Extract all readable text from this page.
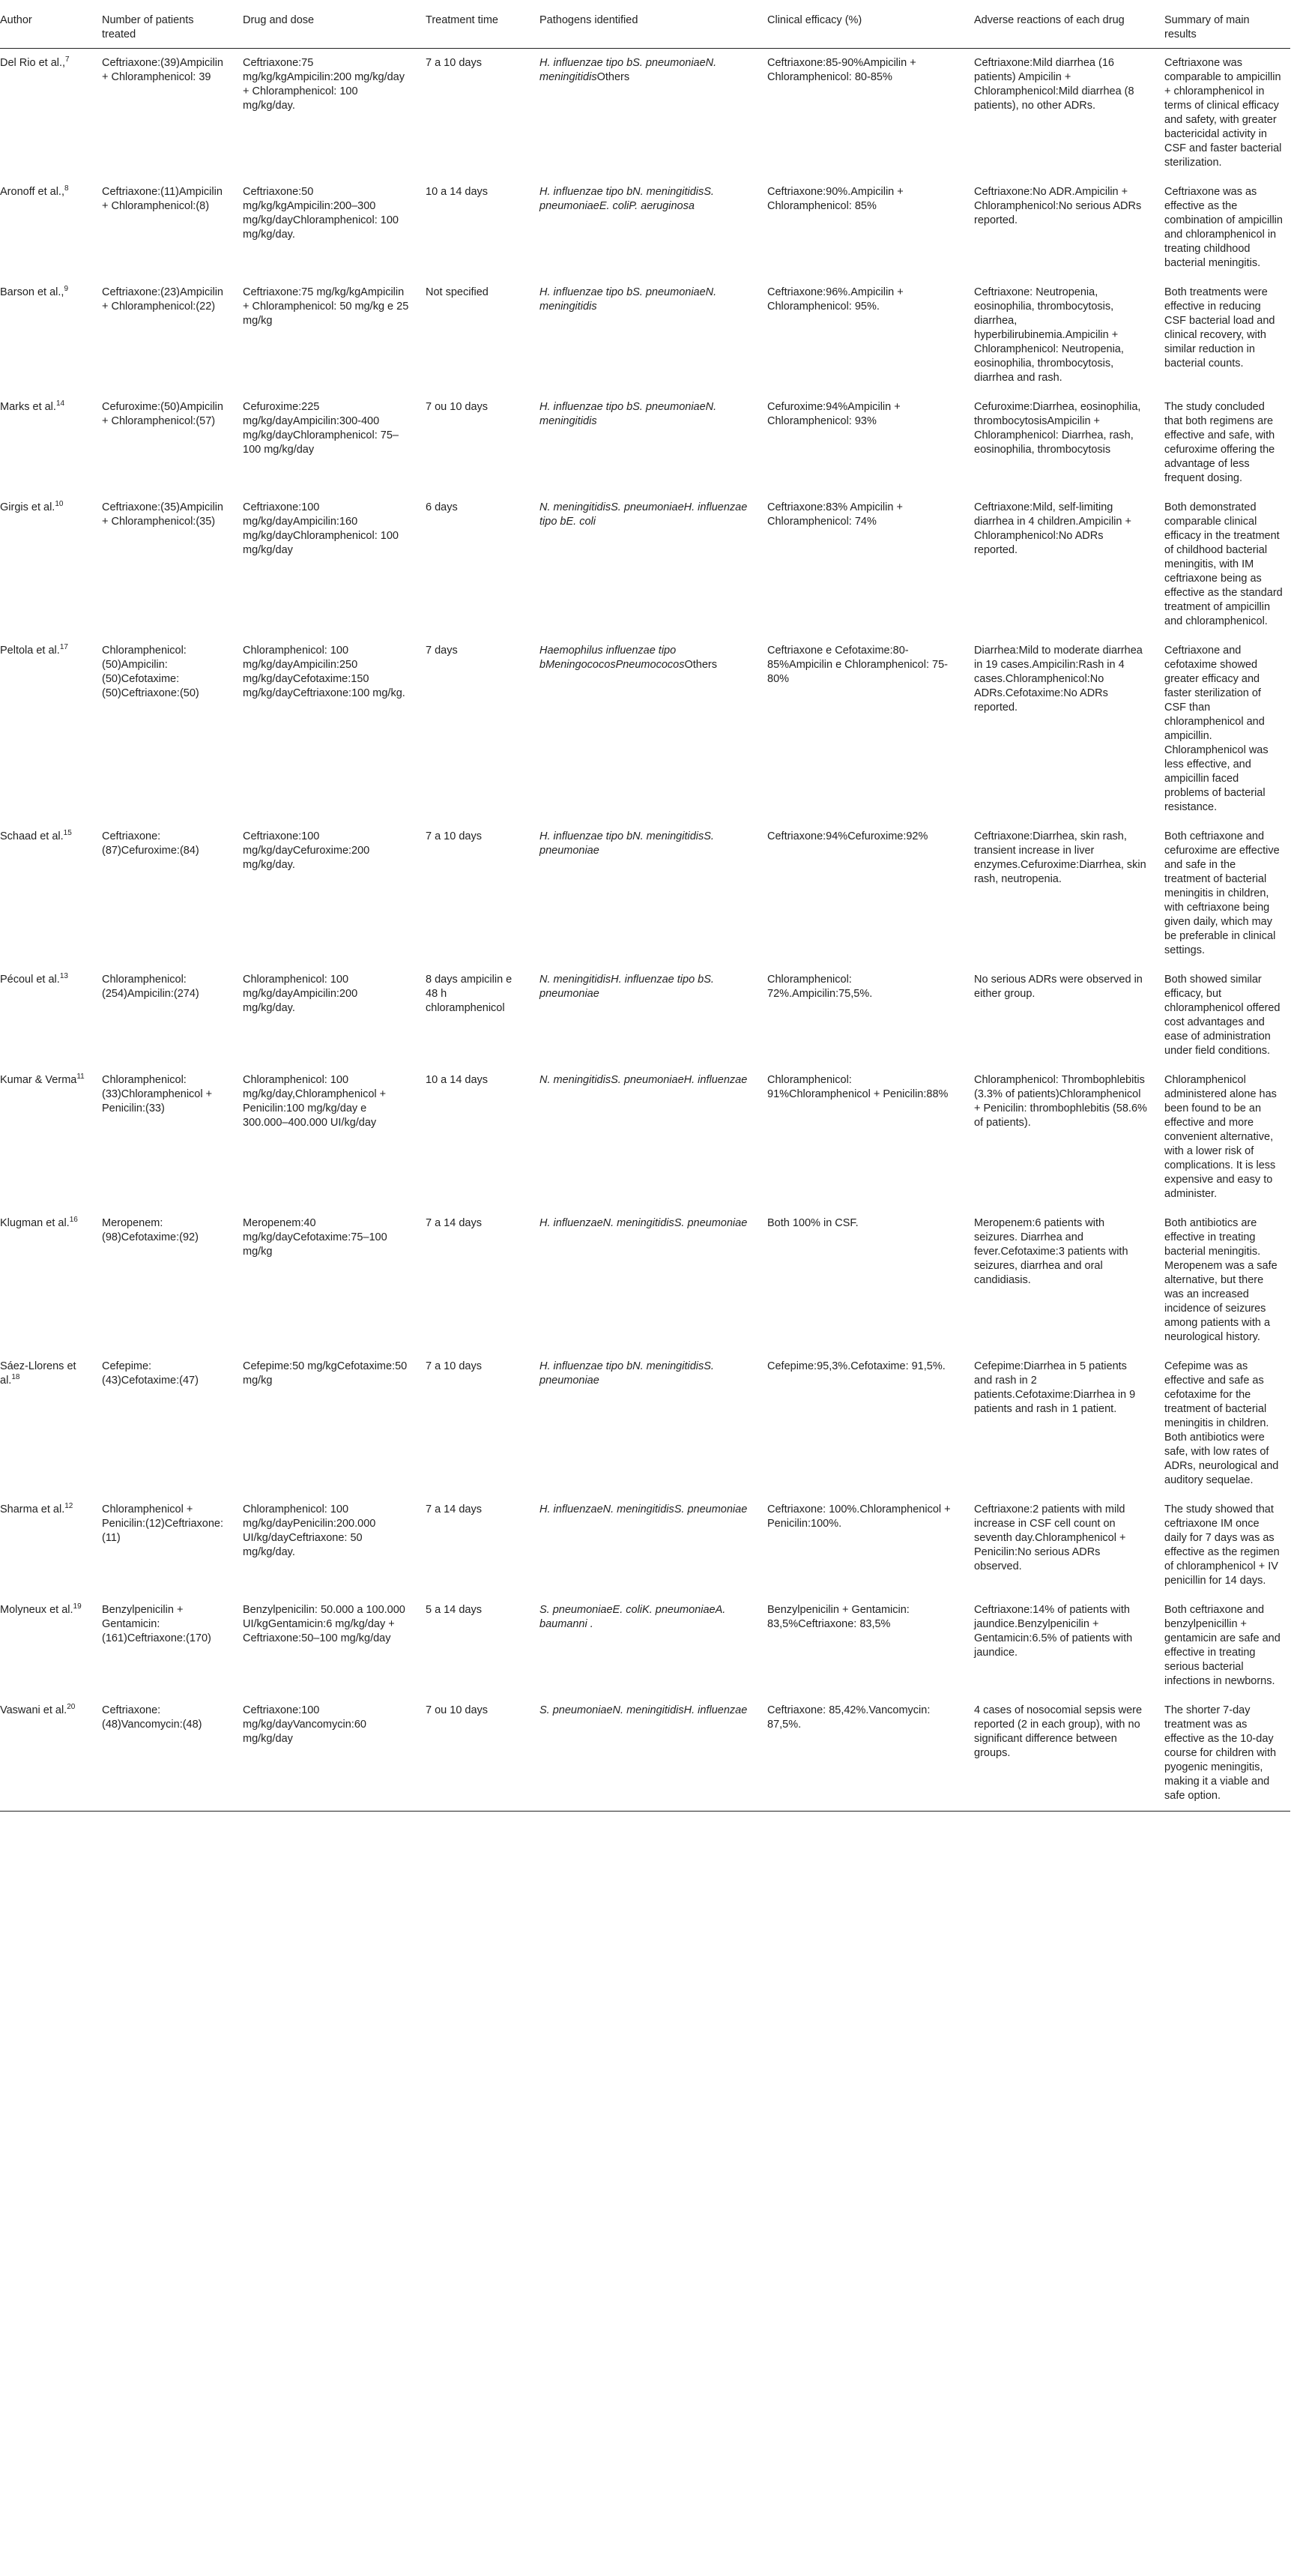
Author	Number of patients treated	Drug and dose	Treatment time	Pathogens identified	Clinical efficacy (%)	Adverse reactions of each drug	Summary of main results
Del Rio et al.,$^7$	Ceftriaxone:(39)Ampicilin + Chloramphenicol: 39	Ceftriaxone:75 mg/kg/kgAmpicilin:200 mg/kg/day + Chloramphenicol: 100 mg/kg/day.	7 a 10 days	H. influenzae tipo bS. pneumoniaeN. meningitidisOthers	Ceftriaxone:85-90%Ampicilin + Chloramphenicol: 80-85%	Ceftriaxone:Mild diarrhea (16 patients) Ampicilin + Chloramphenicol:Mild diarrhea (8 patients), no other ADRs.	Ceftriaxone was comparable to ampicillin + chloramphenicol in terms of clinical efficacy and safety, with greater bactericidal activity in CSF and faster bacterial sterilization.
Aronoff et al.,$^8$	Ceftriaxone:(11)Ampicilin + Chloramphenicol:(8)	Ceftriaxone:50 mg/kg/kgAmpicilin:200–300 mg/kg/dayChloramphenicol: 100 mg/kg/day.	10 a 14 days	H. influenzae tipo bN. meningitidisS. pneumoniaeE. coliP. aeruginosa	Ceftriaxone:90%.Ampicilin + Chloramphenicol: 85%	Ceftriaxone:No ADR.Ampicilin + Chloramphenicol:No serious ADRs reported.	Ceftriaxone was as effective as the combination of ampicillin and chloramphenicol in treating childhood bacterial meningitis.
Barson et al.,$^9$	Ceftriaxone:(23)Ampicilin + Chloramphenicol:(22)	Ceftriaxone:75 mg/kg/kgAmpicilin + Chloramphenicol: 50 mg/kg e 25 mg/kg	Not specified	H. influenzae tipo bS. pneumoniaeN. meningitidis	Ceftriaxone:96%.Ampicilin + Chloramphenicol: 95%.	Ceftriaxone: Neutropenia, eosinophilia, thrombocytosis, diarrhea, hyperbilirubinemia.Ampicilin + Chloramphenicol: Neutropenia, eosinophilia, thrombocytosis, diarrhea and rash.	Both treatments were effective in reducing CSF bacterial load and clinical recovery, with similar reduction in bacterial counts.
Marks et al.$^{14}$	Cefuroxime:(50)Ampicilin + Chloramphenicol:(57)	Cefuroxime:225 mg/kg/dayAmpicilin:300-400 mg/kg/dayChloramphenicol: 75–100 mg/kg/day	7 ou 10 days	H. influenzae tipo bS. pneumoniaeN. meningitidis	Cefuroxime:94%Ampicilin + Chloramphenicol: 93%	Cefuroxime:Diarrhea, eosinophilia, thrombocytosisAmpicilin + Chloramphenicol: Diarrhea, rash, eosinophilia, thrombocytosis	The study concluded that both regimens are effective and safe, with cefuroxime offering the advantage of less frequent dosing.
Girgis et al.$^{10}$	Ceftriaxone:(35)Ampicilin + Chloramphenicol:(35)	Ceftriaxone:100 mg/kg/dayAmpicilin:160 mg/kg/dayChloramphenicol: 100 mg/kg/day	6 days	N. meningitidisS. pneumoniaeH. influenzae tipo bE. coli	Ceftriaxone:83% Ampicilin + Chloramphenicol: 74%	Ceftriaxone:Mild, self-limiting diarrhea in 4 children.Ampicilin + Chloramphenicol:No ADRs reported.	Both demonstrated comparable clinical efficacy in the treatment of childhood bacterial meningitis, with IM ceftriaxone being as effective as the standard treatment of ampicillin and chloramphenicol.
Peltola et al.$^{17}$	Chloramphenicol:(50)Ampicilin:(50)Cefotaxime:(50)Ceftriaxone:(50)	Chloramphenicol: 100 mg/kg/dayAmpicilin:250 mg/kg/dayCefotaxime:150 mg/kg/dayCeftriaxone:100 mg/kg.	7 days	Haemophilus influenzae tipo bMeningococosPneumococosOthers	Ceftriaxone e Cefotaxime:80-85%Ampicilin e Chloramphenicol: 75-80%	Diarrhea:Mild to moderate diarrhea in 19 cases.Ampicilin:Rash in 4 cases.Chloramphenicol:No ADRs.Cefotaxime:No ADRs reported.	Ceftriaxone and cefotaxime showed greater efficacy and faster sterilization of CSF than chloramphenicol and ampicillin. Chloramphenicol was less effective, and ampicillin faced problems of bacterial resistance.
Schaad et al.$^{15}$	Ceftriaxone:(87)Cefuroxime:(84)	Ceftriaxone:100 mg/kg/dayCefuroxime:200 mg/kg/day.	7 a 10 days	H. influenzae tipo bN. meningitidisS. pneumoniae	Ceftriaxone:94%Cefuroxime:92%	Ceftriaxone:Diarrhea, skin rash, transient increase in liver enzymes.Cefuroxime:Diarrhea, skin rash, neutropenia.	Both ceftriaxone and cefuroxime are effective and safe in the treatment of bacterial meningitis in children, with ceftriaxone being given daily, which may be preferable in clinical settings.
Pécoul et al.$^{13}$	Chloramphenicol:(254)Ampicilin:(274)	Chloramphenicol: 100 mg/kg/dayAmpicilin:200 mg/kg/day.	8 days ampicilin e 48 h chloramphenicol	N. meningitidisH. influenzae tipo bS. pneumoniae	Chloramphenicol: 72%.Ampicilin:75,5%.	No serious ADRs were observed in either group.	Both showed similar efficacy, but chloramphenicol offered cost advantages and ease of administration under field conditions.
Kumar & Verma$^{11}$	Chloramphenicol:(33)Chloramphenicol + Penicilin:(33)	Chloramphenicol: 100 mg/kg/day,Chloramphenicol + Penicilin:100 mg/kg/day e 300.000–400.000 UI/kg/day	10 a 14 days	N. meningitidisS. pneumoniaeH. influenzae	Chloramphenicol: 91%Chloramphenicol + Penicilin:88%	Chloramphenicol: Thrombophlebitis (3.3% of patients)Chloramphenicol + Penicilin: thrombophlebitis (58.6% of patients).	Chloramphenicol administered alone has been found to be an effective and more convenient alternative, with a lower risk of complications. It is less expensive and easy to administer.
Klugman et al.$^{16}$	Meropenem:(98)Cefotaxime:(92)	Meropenem:40 mg/kg/dayCefotaxime:75–100 mg/kg	7 a 14 days	H. influenzaeN. meningitidisS. pneumoniae	Both 100% in CSF.	Meropenem:6 patients with seizures. Diarrhea and fever.Cefotaxime:3 patients with seizures, diarrhea and oral candidiasis.	Both antibiotics are effective in treating bacterial meningitis. Meropenem was a safe alternative, but there was an increased incidence of seizures among patients with a neurological history.
Sáez-Llorens et al.$^{18}$	Cefepime:(43)Cefotaxime:(47)	Cefepime:50 mg/kgCefotaxime:50 mg/kg	7 a 10 days	H. influenzae tipo bN. meningitidisS. pneumoniae	Cefepime:95,3%.Cefotaxime: 91,5%.	Cefepime:Diarrhea in 5 patients and rash in 2 patients.Cefotaxime:Diarrhea in 9 patients and rash in 1 patient.	Cefepime was as effective and safe as cefotaxime for the treatment of bacterial meningitis in children. Both antibiotics were safe, with low rates of ADRs, neurological and auditory sequelae.
Sharma et al.$^{12}$	Chloramphenicol + Penicilin:(12)Ceftriaxone:(11)	Chloramphenicol: 100 mg/kg/dayPenicilin:200.000 UI/kg/dayCeftriaxone: 50 mg/kg/day.	7 a 14 days	H. influenzaeN. meningitidisS. pneumoniae	Ceftriaxone: 100%.Chloramphenicol + Penicilin:100%.	Ceftriaxone:2 patients with mild increase in CSF cell count on seventh day.Chloramphenicol + Penicilin:No serious ADRs observed.	The study showed that ceftriaxone IM once daily for 7 days was as effective as the regimen of chloramphenicol + IV penicillin for 14 days.
Molyneux et al.$^{19}$	Benzylpenicilin + Gentamicin:(161)Ceftriaxone:(170)	Benzylpenicilin: 50.000 a 100.000 UI/kgGentamicin:6 mg/kg/day + Ceftriaxone:50–100 mg/kg/day	5 a 14 days	S. pneumoniaeE. coliK. pneumoniaeA. baumanni .	Benzylpenicilin + Gentamicin: 83,5%Ceftriaxone: 83,5%	Ceftriaxone:14% of patients with jaundice.Benzylpenicilin + Gentamicin:6.5% of patients with jaundice.	Both ceftriaxone and benzylpenicillin + gentamicin are safe and effective in treating serious bacterial infections in newborns.
Vaswani et al.$^{20}$	Ceftriaxone:(48)Vancomycin:(48)	Ceftriaxone:100 mg/kg/dayVancomycin:60 mg/kg/day	7 ou 10 days	S. pneumoniaeN. meningitidisH. influenzae	Ceftriaxone: 85,42%.Vancomycin: 87,5%.	4 cases of nosocomial sepsis were reported (2 in each group), with no significant difference between groups.	The shorter 7-day treatment was as effective as the 10-day course for children with pyogenic meningitis, making it a viable and safe option.
